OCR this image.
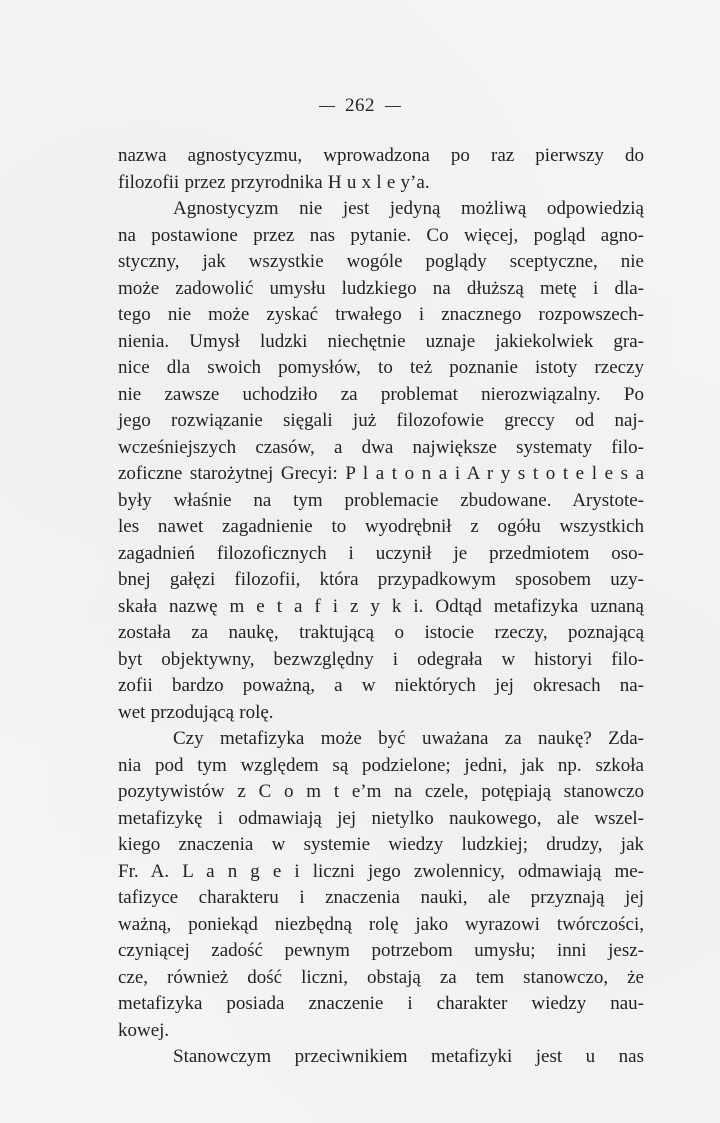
262
nazwa agnostycyzmu, wprowadzona po raz pierwszy do
filozofii przez przyrodnika H u x l e y’a.
Agnostycyzm nie jest jedyną możliwą odpowiedzią
na postawione przez nas pytanie. Co więcej, pogląd agno-
styczny, jak wszystkie wogóle poglądy sceptyczne, nie
może zadowolić umysłu ludzkiego na dłuższą metę i dla-
tego nie może zyskać trwałego i znacznego rozpowszech-
nienia. Umysł ludzki niechętnie uznaje jakiekolwiek gra-
nice dla swoich pomysłów, to też poznanie istoty rzeczy
nie zawsze uchodziło za problemat nierozwiązalny. Po
jego rozwiązanie sięgali już filozofowie greccy od naj-
wcześniejszych czasów, a dwa największe systematy filo-
zoficzne starożytnej Grecyi: P l a t o n a i A r y s t o t e l e s a
były właśnie na tym problemacie zbudowane. Arystote-
les nawet zagadnienie to wyodrębnił z ogółu wszystkich
zagadnień filozoficznych i uczynił je przedmiotem oso-
bnej gałęzi filozofii, która przypadkowym sposobem uzy-
skała nazwę m e t a f i z y k i. Odtąd metafizyka uznaną
została za naukę, traktującą o istocie rzeczy, poznającą
byt objektywny, bezwzględny i odegrała w historyi filo-
zofii bardzo poważną, a w niektórych jej okresach na-
wet przodującą rolę.
Czy metafizyka może być uważana za naukę? Zda-
nia pod tym względem są podzielone; jedni, jak np. szkoła
pozytywistów z C o m t e’m na czele, potępiają stanowczo
metafizykę i odmawiają jej nietylko naukowego, ale wszel-
kiego znaczenia w systemie wiedzy ludzkiej; drudzy, jak
Fr. A. L a n g e i liczni jego zwolennicy, odmawiają me-
tafizyce charakteru i znaczenia nauki, ale przyznają jej
ważną, poniekąd niezbędną rolę jako wyrazowi twórczości,
czyniącej zadość pewnym potrzebom umysłu; inni jesz-
cze, również dość liczni, obstają za tem stanowczo, że
metafizyka posiada znaczenie i charakter wiedzy nau-
kowej.
Stanowczym przeciwnikiem metafizyki jest u nas
